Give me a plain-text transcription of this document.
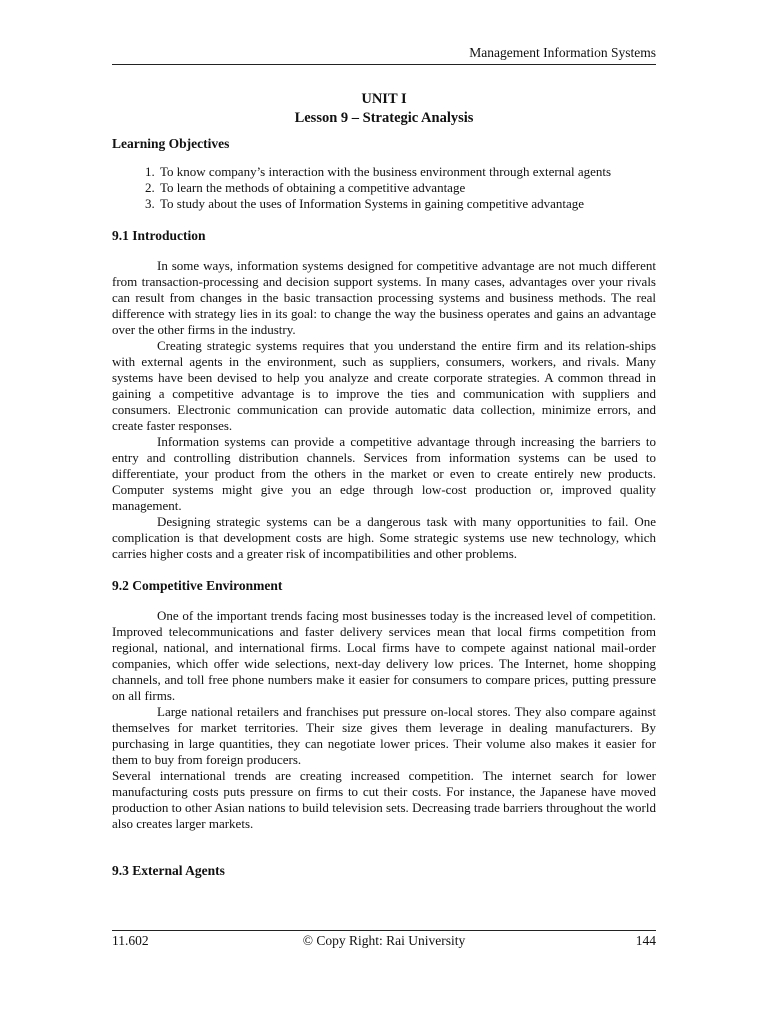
Management Information Systems
UNIT I
Lesson 9 – Strategic Analysis
Learning Objectives
1. To know company’s interaction with the business environment through external agents
2. To learn the methods of obtaining a competitive advantage
3. To study about the uses of Information Systems in gaining competitive advantage
9.1 Introduction

In some ways, information systems designed for competitive advantage are not much different from transaction-processing and decision support systems. In many cases, advantages over your rivals can result from changes in the basic transaction processing systems and business methods. The real difference with strategy lies in its goal: to change the way the business operates and gains an advantage over the other firms in the industry.

Creating strategic systems requires that you understand the entire firm and its relation-ships with external agents in the environment, such as suppliers, consumers, workers, and rivals. Many systems have been devised to help you analyze and create corporate strategies. A common thread in gaining a competitive advantage is to improve the ties and communication with suppliers and consumers. Electronic communication can provide automatic data collection, minimize errors, and create faster responses.

Information systems can provide a competitive advantage through increasing the barriers to entry and controlling distribution channels. Services from information systems can be used to differentiate, your product from the others in the market or even to create entirely new products. Computer systems might give you an edge through low-cost production or, improved quality management.

Designing strategic systems can be a dangerous task with many opportunities to fail. One complication is that development costs are high. Some strategic systems use new technology, which carries higher costs and a greater risk of incompatibilities and other problems.

9.2 Competitive Environment

One of the important trends facing most businesses today is the increased level of competition. Improved telecommunications and faster delivery services mean that local firms competition from regional, national, and international firms. Local firms have to compete against national mail-order companies, which offer wide selections, next-day delivery low prices. The Internet, home shopping channels, and toll free phone numbers make it easier for consumers to compare prices, putting pressure on all firms.

Large national retailers and franchises put pressure on-local stores. They also compare against themselves for market territories. Their size gives them leverage in dealing manufacturers. By purchasing in large quantities, they can negotiate lower prices. Their volume also makes it easier for them to buy from foreign producers.

Several international trends are creating increased competition. The internet search for lower manufacturing costs puts pressure on firms to cut their costs. For instance, the Japanese have moved production to other Asian nations to build television sets. Decreasing trade barriers throughout the world also creates larger markets.

9.3 External Agents
11.602	© Copy Right: Rai University	144
